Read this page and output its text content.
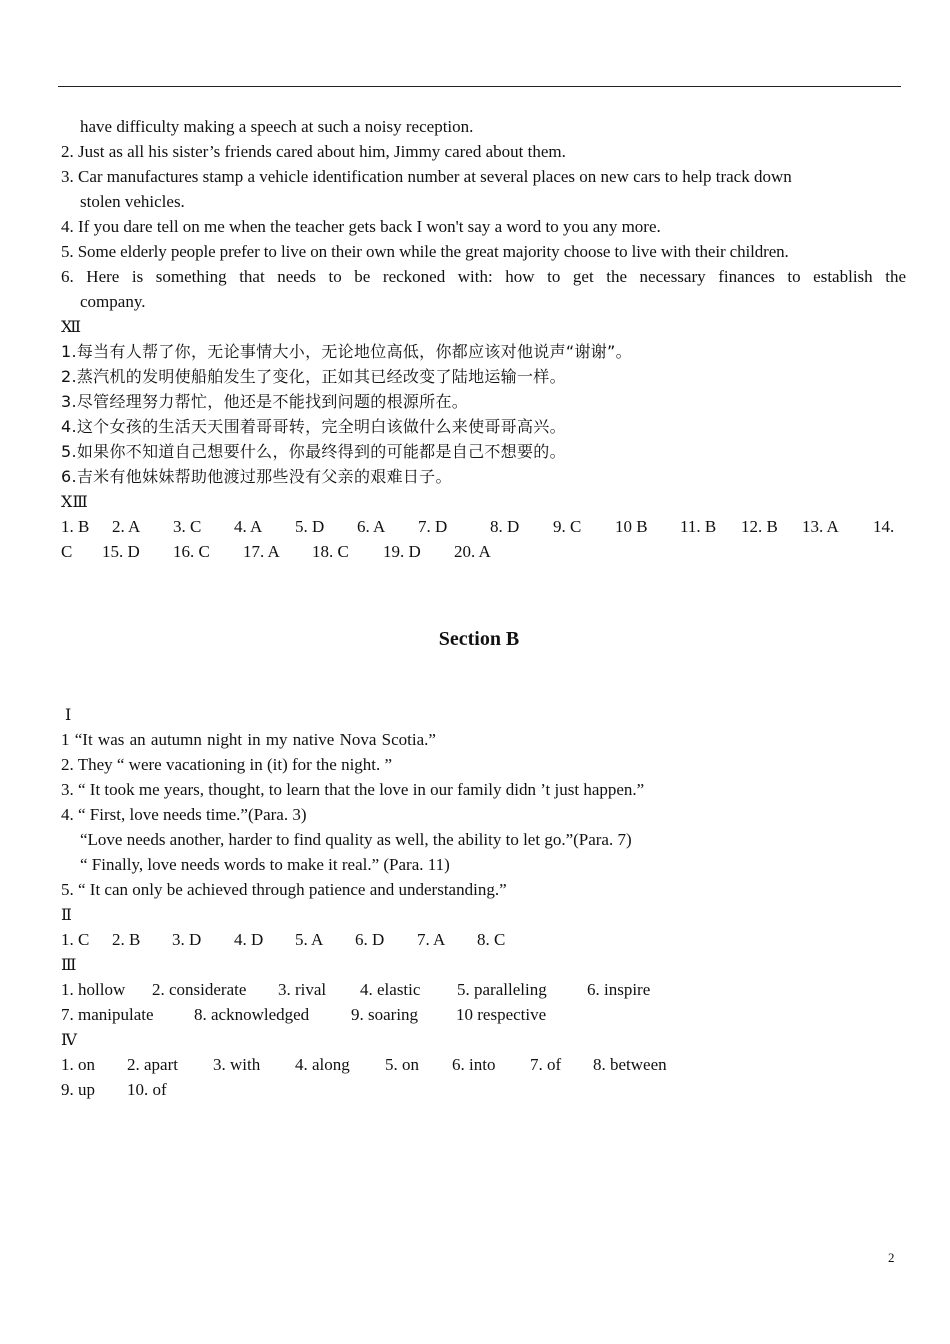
have difficulty making a speech at such a noisy reception.
2. Just as all his sister’s friends cared about him, Jimmy cared about them.
3. Car manufactures stamp a vehicle identification number at several places on new cars to help track down
stolen vehicles.
4. If you dare tell on me when the teacher gets back I won't say a word to you any more.
5. Some elderly people prefer to live on their own while the great majority choose to live with their children.
6. Here is something that needs to be reckoned with: how to get the necessary finances to establish the
company.
Ⅻ
1.每当有人帮了你，无论事情大小，无论地位高低，你都应该对他说声“谢谢”。
2.蒸汽机的发明使船舶发生了变化，正如其已经改变了陆地运输一样。
3.尽管经理努力帮忙，他还是不能找到问题的根源所在。
4.这个女孩的生活天天围着哥哥转，完全明白该做什么来使哥哥高兴。
5.如果你不知道自己想要什么，你最终得到的可能都是自己不想要的。
6.吉米有他妹妹帮助他渡过那些没有父亲的艰难日子。
ⅩⅢ
1. B 2. A 3. C 4. A 5. D 6. A 7. D	8. D 9. C 10 B 11. B 12. B 13. A 14.
C 15. D 16. C 17. A 18. C 19. D 20. A
Section B
Ⅰ
1 “It was an autumn night in my native Nova Scotia.”
2. They “ were vacationing in (it) for the night. ”
3. “ It took me years, thought, to learn that the love in our family didn ’t just happen.”
4. “ First, love needs time.”(Para. 3)
“Love needs another, harder to find quality as well, the ability to let go.”(Para. 7)
“ Finally, love needs words to make it real.” (Para. 11)
5. “ It can only be achieved through patience and understanding.”
Ⅱ
1. C 2. B 3. D 4. D 5. A 6. D 7. A 8. C
Ⅲ
1. hollow 2. considerate 3. rival 4. elastic 5. paralleling 6. inspire
7. manipulate 8. acknowledged 9. soaring 10 respective
Ⅳ
1. on 2. apart 3. with 4. along 5. on 6. into 7. of 8. between
9. up 10. of
2
